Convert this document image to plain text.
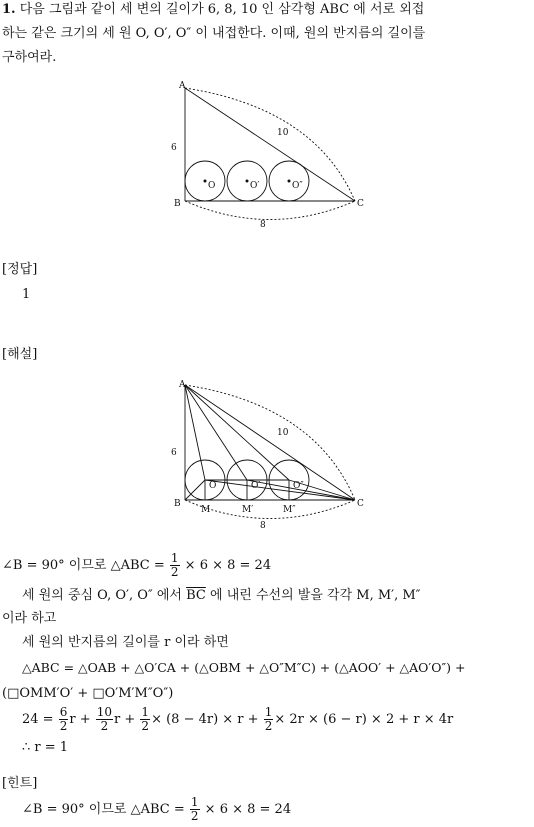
1. 다음 그림과 같이 세 변의 길이가 6, 8, 10 인 삼각형 ABC 에 서로 외접
하는 같은 크기의 세 원 O, O′, O″ 이 내접한다. 이때, 원의 반지름의 길이를
구하여라.
A
B	C
O	O′	O″
6
10
8
[정답]
1
[해설]
A
B	C
O	O′	O″
M	M′	M″
6
10
8
∠B = 90° 이므로 △ABC = $\frac{1}{2} \times 6 \times 8 = 24$
세 원의 중심 O, O′, O″ 에서 $\overline{BC}$ 에 내린 수선의 발을 각각 M, M′, M″
이라 하고
세 원의 반지름의 길이를 r 이라 하면
△ABC = △OAB + △O′CA + (△OBM + △O″M″C) + (△AOO′ + △AO′O″) +
(□OMM′O′ + □O′M′M″O″)
$24 = \frac{6}{2}$ $r + \frac{10}{2}$ $r + \frac{1}{2} \times (8 - 4r) \times r + \frac{1}{2} \times 2r \times (6 - r) \times 2 + r \times 4r$
∴ r = 1
[힌트]
∠B = 90° 이므로 △ABC = $\frac{1}{2} \times 6 \times 8 = 24$
